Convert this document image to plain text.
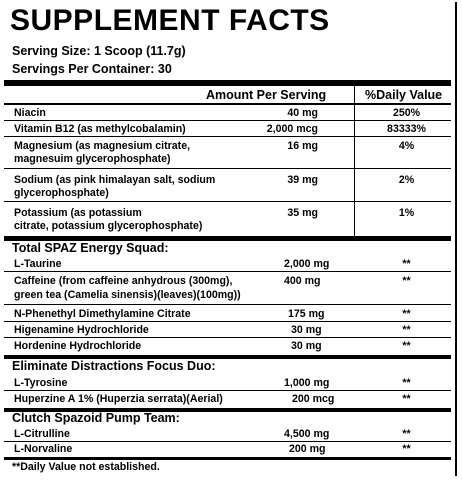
SUPPLEMENT FACTS
Serving Size: 1 Scoop (11.7g)
Servings Per Container: 30
Amount Per Serving	%Daily Value
Niacin	40 mg	250%
Vitamin B12 (as methylcobalamin)	2,000 mcg	83333%
Magnesium (as magnesium citrate,
magnesuim glycerophosphate)
16 mg	4%
Sodium (as pink himalayan salt, sodium
glycerophosphate)
39 mg	2%
Potassium (as potassium
citrate, potassium glycerophosphate)
35 mg	1%
Total SPAZ Energy Squad:
L-Taurine	2,000 mg	**
Caffeine (from caffeine anhydrous (300mg),
green tea (Camelia sinensis)(leaves)(100mg))
400 mg	**
N-Phenethyl Dimethylamine Citrate	175 mg	**
Higenamine Hydrochloride	30 mg	**
Hordenine Hydrochloride	30 mg	**
Eliminate Distractions Focus Duo:
L-Tyrosine	1,000 mg	**
Huperzine A 1% (Huperzia serrata)(Aerial)	200 mcg	**
Clutch Spazoid Pump Team:
L-Citrulline	4,500 mg	**
L-Norvaline	200 mg	**
**Daily Value not established.
